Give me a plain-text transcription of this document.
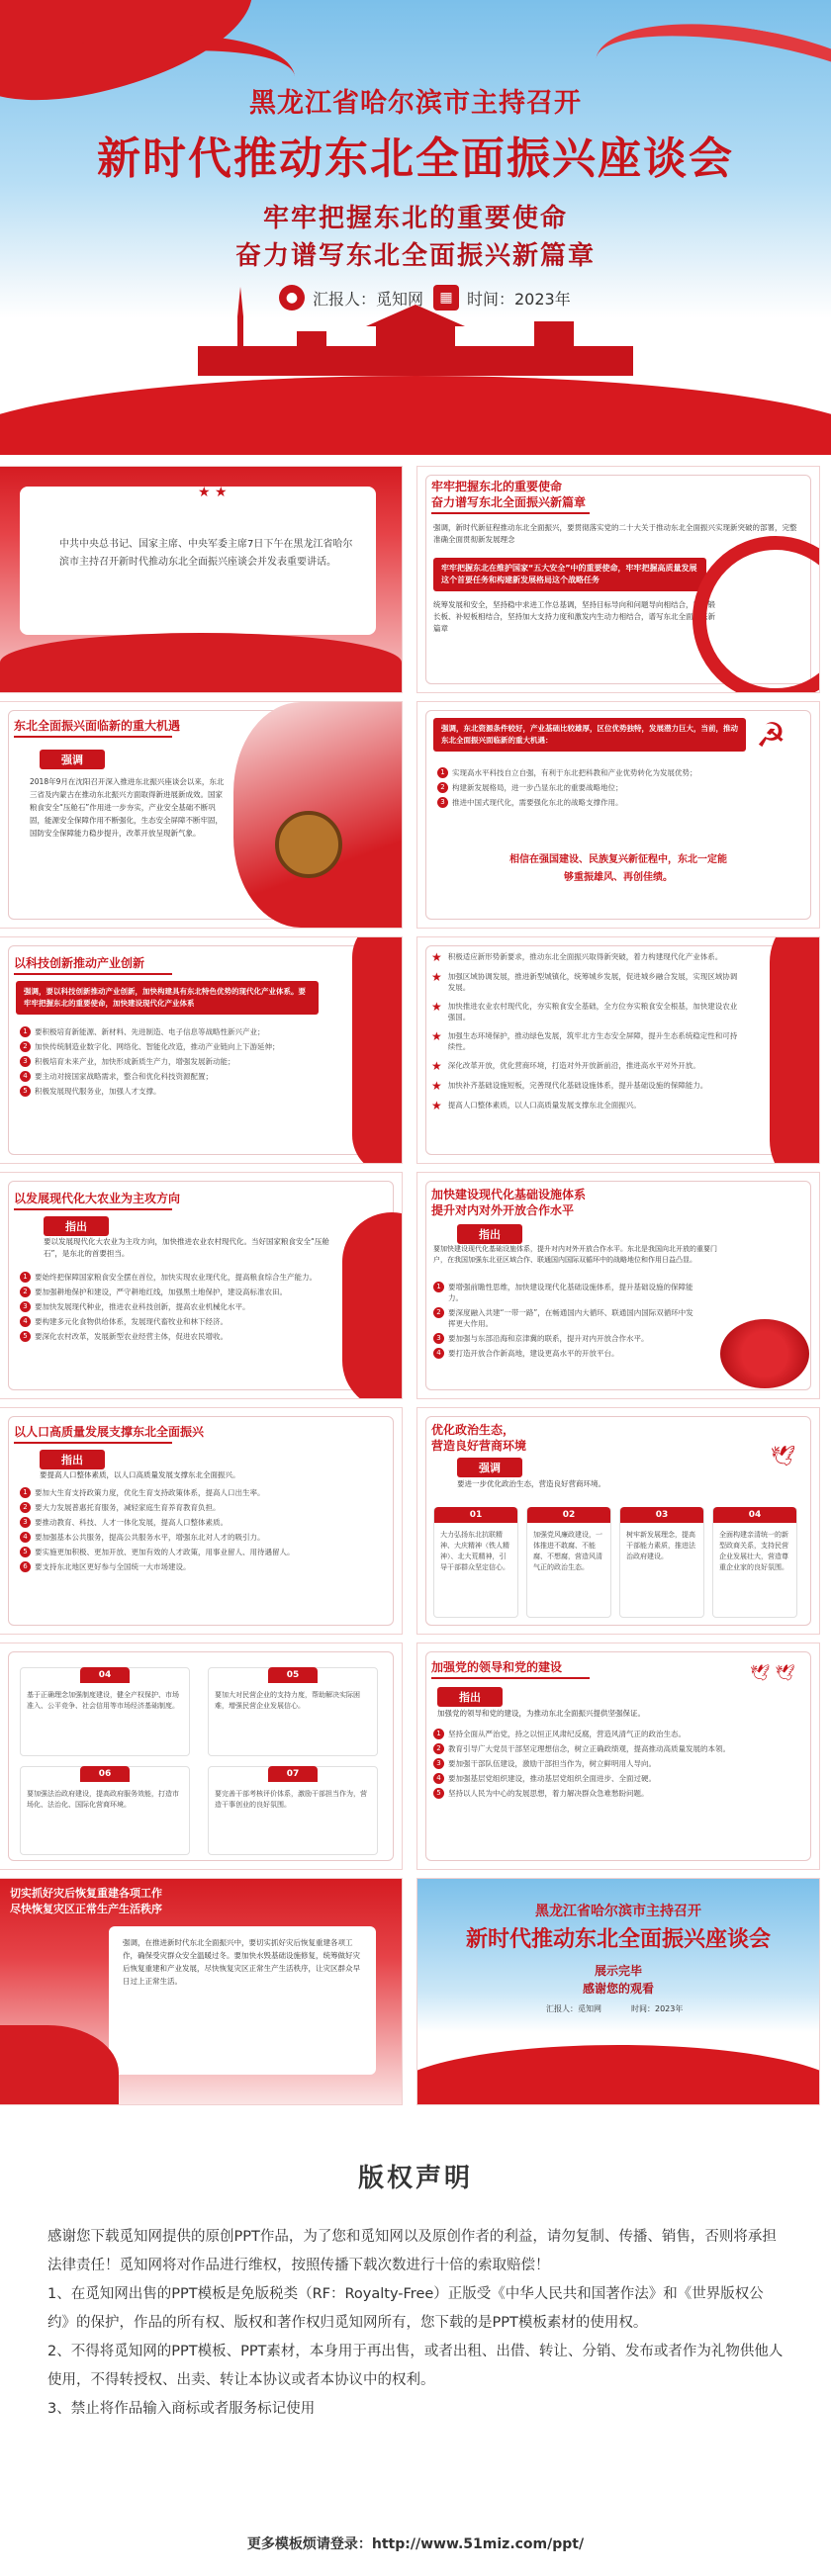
黑龙江省哈尔滨市主持召开
新时代推动东北全面振兴座谈会
牢牢把握东北的重要使命
奋力谱写东北全面振兴新篇章
● 汇报人：觅知网	▦ 时间：2023年
中共中央总书记、国家主席、中央军委主席7日下午在黑龙江省哈尔滨市主持召开新时代推动东北全面振兴座谈会并发表重要讲话。
★ ★	牢牢把握东北的重要使命
奋力谱写东北全面振兴新篇章
强调，新时代新征程推动东北全面振兴，要贯彻落实党的二十大关于推动东北全面振兴实现新突破的部署，完整准确全面贯彻新发展理念
牢牢把握东北在维护国家“五大安全”中的重要使命，牢牢把握高质量发展这个首要任务和构建新发展格局这个战略任务
统筹发展和安全，坚持稳中求进工作总基调，坚持目标导向和问题导向相结合，坚持锻长板、补短板相结合，坚持加大支持力度和激发内生动力相结合，谱写东北全面振兴新篇章
东北全面振兴面临新的重大机遇
强调
2018年9月在沈阳召开深入推进东北振兴座谈会以来，东北三省及内蒙古在推动东北振兴方面取得新进展新成效。国家粮食安全“压舱石”作用进一步夯实，产业安全基础不断巩固，能源安全保障作用不断强化，生态安全屏障不断牢固，国防安全保障能力稳步提升，改革开放呈现新气象。
强调，东北资源条件较好，产业基础比较雄厚，区位优势独特，发展潜力巨大，当前，推动东北全面振兴面临新的重大机遇：
1 实现高水平科技自立自强，有利于东北把科教和产业优势转化为发展优势；
2 构建新发展格局，进一步凸显东北的重要战略地位；
3 推进中国式现代化，需要强化东北的战略支撑作用。
相信在强国建设、民族复兴新征程中，东北一定能
够重振雄风、再创佳绩。
☭
以科技创新推动产业创新
强调，要以科技创新推动产业创新，加快构建具有东北特色优势的现代化产业体系。要牢牢把握东北的重要使命，加快建设现代化产业体系
1 要积极培育新能源、新材料、先进制造、电子信息等战略性新兴产业；
2 加快传统制造业数字化、网络化、智能化改造，推动产业链向上下游延伸；
3 积极培育未来产业，加快形成新质生产力，增强发展新动能；
4 要主动对接国家战略需求，整合和优化科技资源配置；
5 积极发展现代服务业，加强人才支撑。
★ 积极适应新形势新要求，推动东北全面振兴取得新突破，着力构建现代化产业体系。
★ 加强区域协调发展，推进新型城镇化，统筹城乡发展，促进城乡融合发展，实现区域协调发展。
★ 加快推进农业农村现代化，夯实粮食安全基础，全方位夯实粮食安全根基，加快建设农业强国。
★ 加强生态环境保护，推动绿色发展，筑牢北方生态安全屏障，提升生态系统稳定性和可持续性。
★ 深化改革开放，优化营商环境，打造对外开放新前沿，推进高水平对外开放。
★ 加快补齐基础设施短板，完善现代化基础设施体系，提升基础设施的保障能力。
★ 提高人口整体素质，以人口高质量发展支撑东北全面振兴。
以发展现代化大农业为主攻方向
指出
要以发展现代化大农业为主攻方向，加快推进农业农村现代化。当好国家粮食安全“压舱石”，是东北的首要担当。
1 要始终把保障国家粮食安全摆在首位，加快实现农业现代化，提高粮食综合生产能力。
2 要加强耕地保护和建设，严守耕地红线，加强黑土地保护，建设高标准农田。
3 要加快发展现代种业，推进农业科技创新，提高农业机械化水平。
4 要构建多元化食物供给体系，发展现代畜牧业和林下经济。
5 要深化农村改革，发展新型农业经营主体，促进农民增收。
加快建设现代化基础设施体系
提升对内对外开放合作水平
指出
要加快建设现代化基础设施体系，提升对内对外开放合作水平。东北是我国向北开放的重要门户，在我国加强东北亚区域合作、联通国内国际双循环中的战略地位和作用日益凸显。
1 要增强前瞻性思维，加快建设现代化基础设施体系，提升基础设施的保障能力。
2 要深度融入共建“一带一路”，在畅通国内大循环、联通国内国际双循环中发挥更大作用。
3 要加强与东部沿海和京津冀的联系，提升对内开放合作水平。
4 要打造开放合作新高地，建设更高水平的开放平台。
以人口高质量发展支撑东北全面振兴
指出
要提高人口整体素质，以人口高质量发展支撑东北全面振兴。
1 要加大生育支持政策力度，优化生育支持政策体系，提高人口出生率。
2 要大力发展普惠托育服务，减轻家庭生育养育教育负担。
3 要推动教育、科技、人才一体化发展，提高人口整体素质。
4 要加强基本公共服务，提高公共服务水平，增强东北对人才的吸引力。
5 要实施更加积极、更加开放、更加有效的人才政策，用事业留人、用待遇留人。
6 要支持东北地区更好参与全国统一大市场建设。
优化政治生态，
营造良好营商环境
强调
要进一步优化政治生态，营造良好营商环境。
01
大力弘扬东北抗联精神、大庆精神（铁人精神）、北大荒精神，引导干部群众坚定信心。
02
加强党风廉政建设，一体推进不敢腐、不能腐、不想腐，营造风清气正的政治生态。
03
树牢新发展理念，提高干部能力素质，推进法治政府建设。
04
全面构建亲清统一的新型政商关系，支持民营企业发展壮大，营造尊重企业家的良好氛围。
🕊
04
基于正确理念加强制度建设，健全产权保护、市场准入、公平竞争、社会信用等市场经济基础制度。
05
要加大对民营企业的支持力度，帮助解决实际困难，增强民营企业发展信心。
06
要加强法治政府建设，提高政府服务效能，打造市场化、法治化、国际化营商环境。
07
要完善干部考核评价体系，激励干部担当作为，营造干事创业的良好氛围。
加强党的领导和党的建设
指出
加强党的领导和党的建设，为推动东北全面振兴提供坚强保证。
1 坚持全面从严治党，持之以恒正风肃纪反腐，营造风清气正的政治生态。
2 教育引导广大党员干部坚定理想信念，树立正确政绩观，提高推动高质量发展的本领。
3 要加强干部队伍建设，激励干部担当作为，树立鲜明用人导向。
4 要加强基层党组织建设，推动基层党组织全面进步、全面过硬。
5 坚持以人民为中心的发展思想，着力解决群众急难愁盼问题。
🕊 🕊
切实抓好灾后恢复重建各项工作
尽快恢复灾区正常生产生活秩序
强调，在推进新时代东北全面振兴中，要切实抓好灾后恢复重建各项工作，确保受灾群众安全温暖过冬。要加快水毁基础设施修复，统筹做好灾后恢复重建和产业发展，尽快恢复灾区正常生产生活秩序，让灾区群众早日过上正常生活。
黑龙江省哈尔滨市主持召开
新时代推动东北全面振兴座谈会
展示完毕
感谢您的观看
汇报人：觅知网	时间：2023年
版权声明
感谢您下载觅知网提供的原创PPT作品，为了您和觅知网以及原创作者的利益，请勿复制、传播、销售，否则将承担法律责任！觅知网将对作品进行维权，按照传播下载次数进行十倍的索取赔偿！
1、在觅知网出售的PPT模板是免版税类（RF：Royalty-Free）正版受《中华人民共和国著作法》和《世界版权公约》的保护，作品的所有权、版权和著作权归觅知网所有，您下载的是PPT模板素材的使用权。
2、不得将觅知网的PPT模板、PPT素材，本身用于再出售，或者出租、出借、转让、分销、发布或者作为礼物供他人使用，不得转授权、出卖、转让本协议或者本协议中的权利。
3、禁止将作品输入商标或者服务标记使用
更多模板烦请登录：http://www.51miz.com/ppt/
